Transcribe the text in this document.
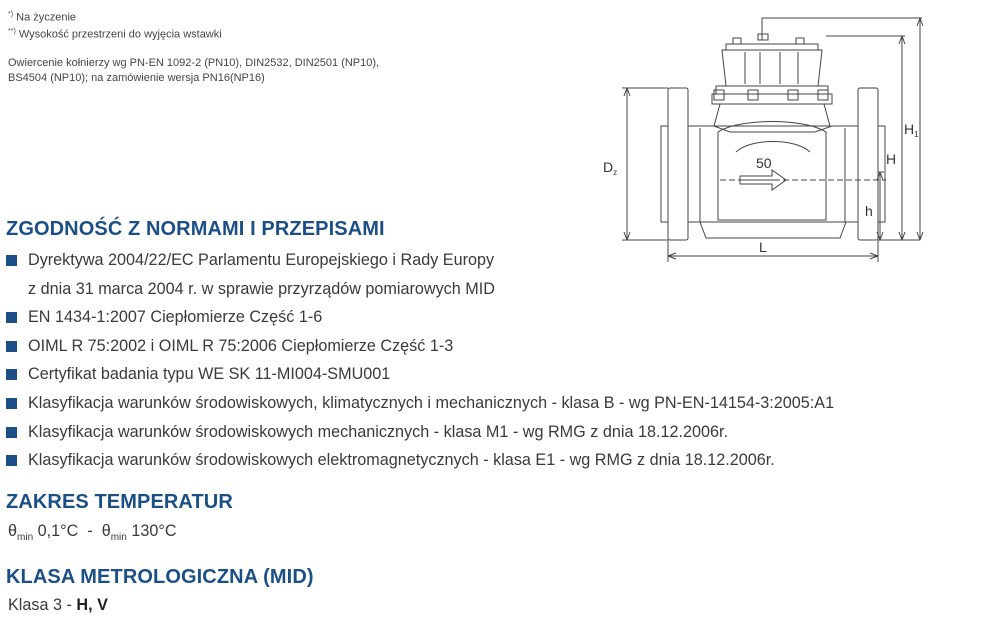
*) Na życzenie
**) Wysokość przestrzeni do wyjęcia wstawki
Owiercenie kołnierzy wg PN-EN 1092-2 (PN10), DIN2532, DIN2501 (NP10),
BS4504 (NP10); na zamówienie wersja PN16(NP16)
$D_z$
50
L
h
H
$H_1$
ZGODNOŚĆ Z NORMAMI I PRZEPISAMI
Dyrektywa 2004/22/EC Parlamentu Europejskiego i Rady Europy
z dnia 31 marca 2004 r. w sprawie przyrządów pomiarowych MID
EN 1434-1:2007 Ciepłomierze Część 1-6
OIML R 75:2002 i OIML R 75:2006 Ciepłomierze Część 1-3
Certyfikat badania typu WE SK 11-MI004-SMU001
Klasyfikacja warunków środowiskowych, klimatycznych i mechanicznych - klasa B - wg PN-EN-14154-3:2005:A1
Klasyfikacja warunków środowiskowych mechanicznych - klasa M1 - wg RMG z dnia 18.12.2006r.
Klasyfikacja warunków środowiskowych elektromagnetycznych - klasa E1 - wg RMG z dnia 18.12.2006r.
ZAKRES TEMPERATUR
$\theta_{min}$ $0,1^\circ C - \theta_{min}$ 130°C
KLASA METROLOGICZNA (MID)
Klasa 3 - H, V
